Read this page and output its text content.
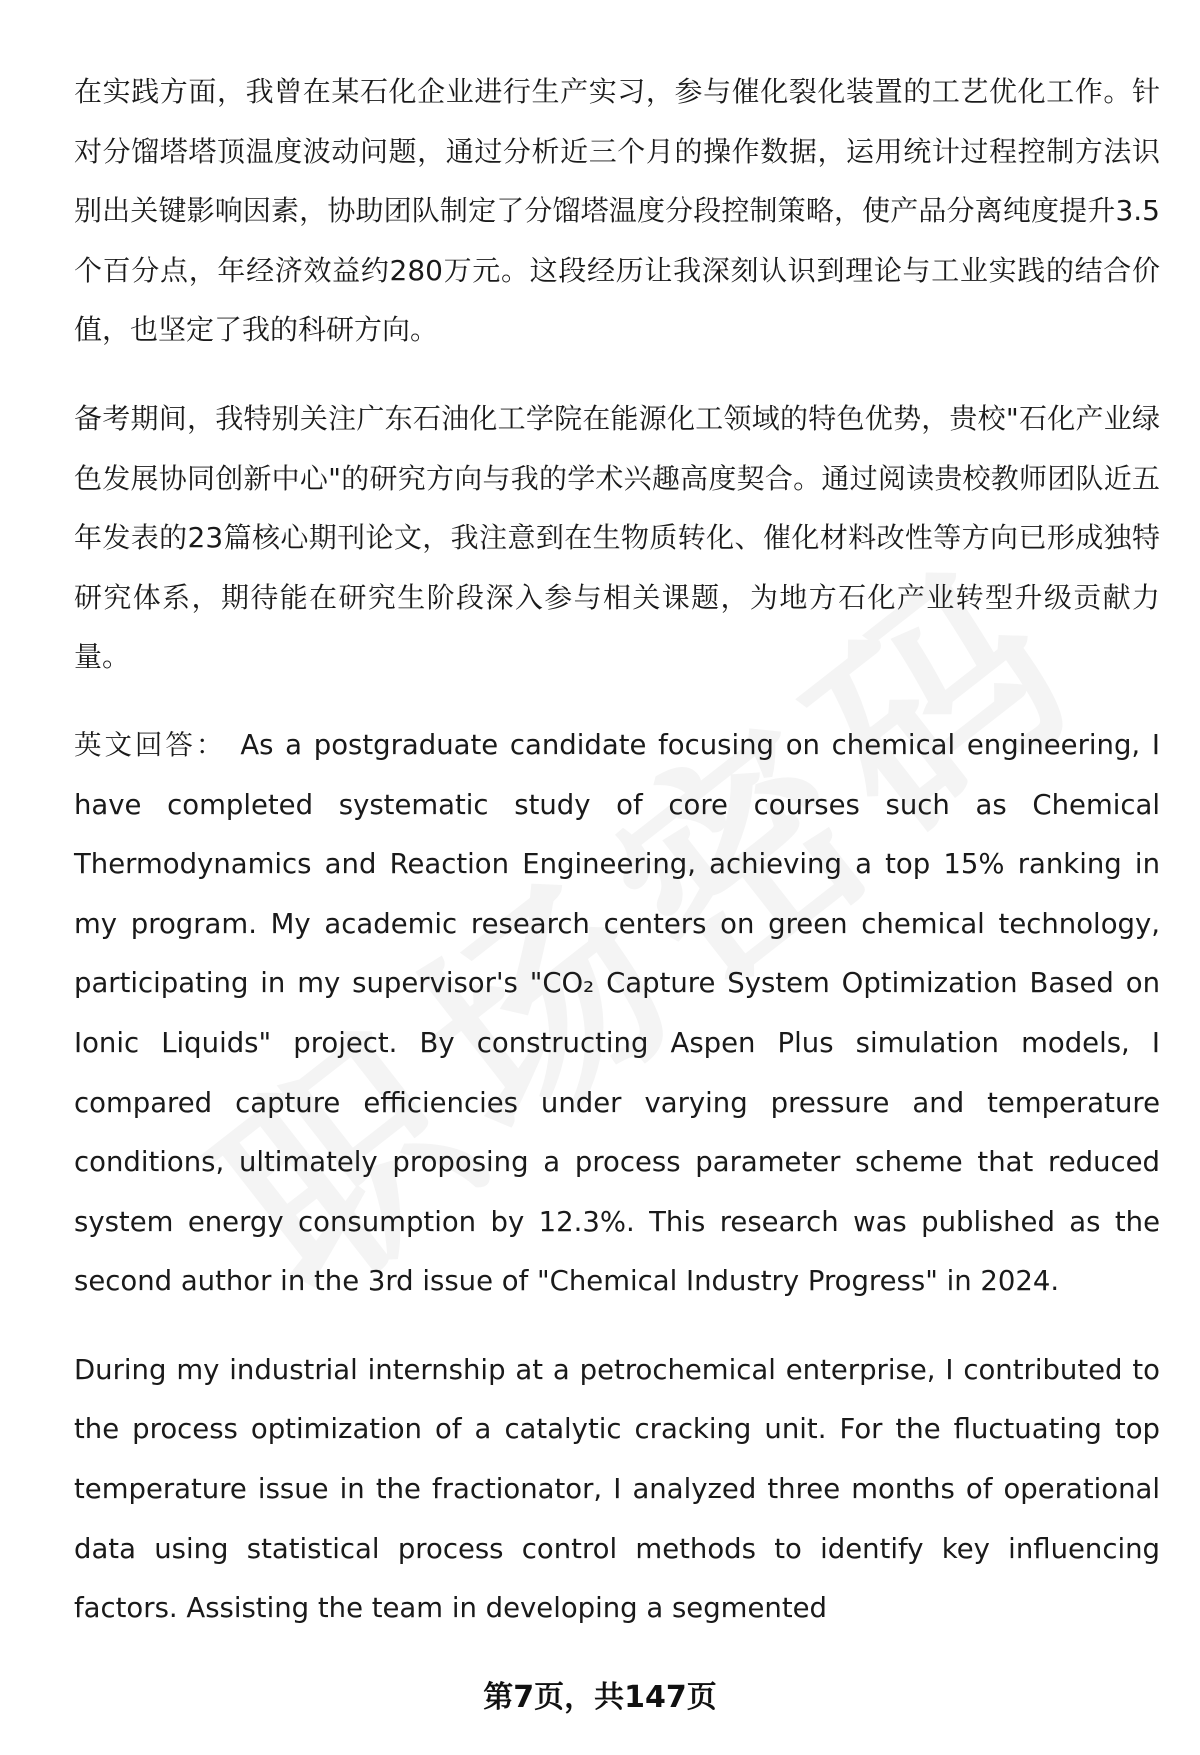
在实践方面，我曾在某石化企业进行生产实习，参与催化裂化装置的工艺优化工作。针对分馏塔塔顶温度波动问题，通过分析近三个月的操作数据，运用统计过程控制方法识别出关键影响因素，协助团队制定了分馏塔温度分段控制策略，使产品分离纯度提升3.5个百分点，年经济效益约280万元。这段经历让我深刻认识到理论与工业实践的结合价值，也坚定了我的科研方向。

备考期间，我特别关注广东石油化工学院在能源化工领域的特色优势，贵校"石化产业绿色发展协同创新中心"的研究方向与我的学术兴趣高度契合。通过阅读贵校教师团队近五年发表的23篇核心期刊论文，我注意到在生物质转化、催化材料改性等方向已形成独特研究体系，期待能在研究生阶段深入参与相关课题，为地方石化产业转型升级贡献力量。

英文回答： As a postgraduate candidate focusing on chemical engineering, I have completed systematic study of core courses such as Chemical Thermodynamics and Reaction Engineering, achieving a top 15% ranking in my program. My academic research centers on green chemical technology, participating in my supervisor's "CO₂ Capture System Optimization Based on Ionic Liquids" project. By constructing Aspen Plus simulation models, I compared capture efficiencies under varying pressure and temperature conditions, ultimately proposing a process parameter scheme that reduced system energy consumption by 12.3%. This research was published as the second author in the 3rd issue of "Chemical Industry Progress" in 2024.

During my industrial internship at a petrochemical enterprise, I contributed to the process optimization of a catalytic cracking unit. For the fluctuating top temperature issue in the fractionator, I analyzed three months of operational data using statistical process control methods to identify key influencing factors. Assisting the team in developing a segmented

第7页，共147页
